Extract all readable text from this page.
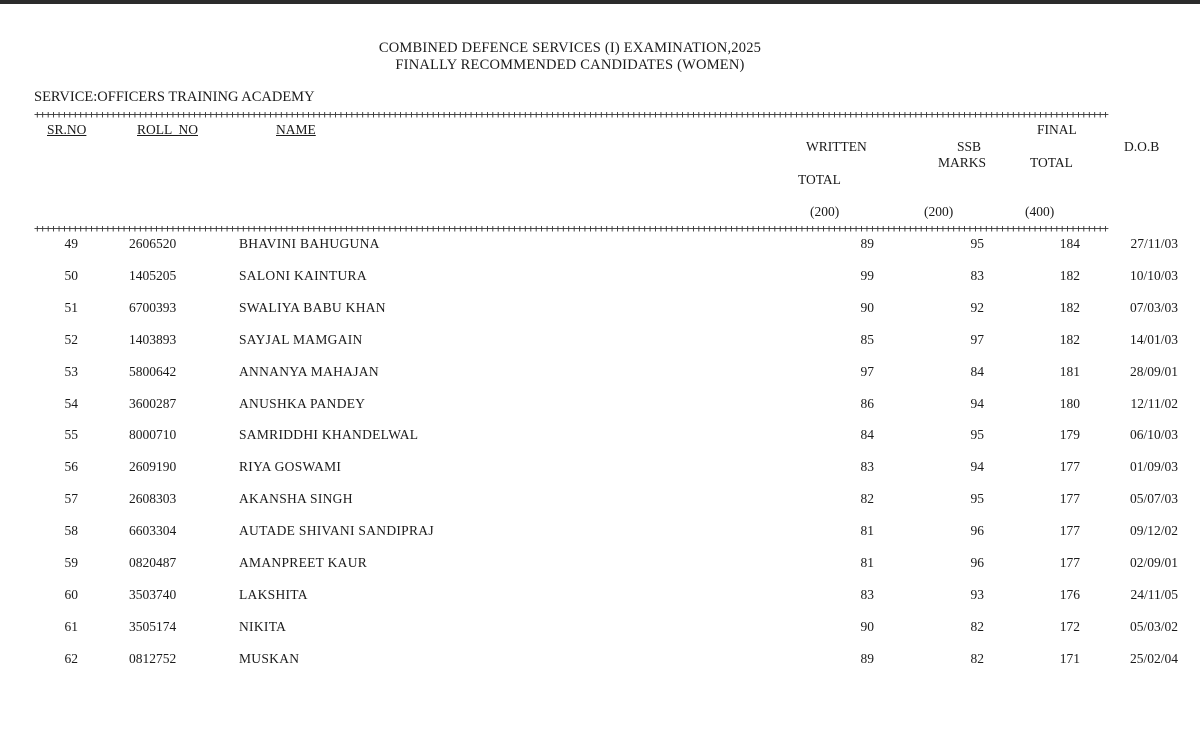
COMBINED DEFENCE SERVICES (I) EXAMINATION,2025
FINALLY RECOMMENDED CANDIDATES (WOMEN)
SERVICE:OFFICERS TRAINING ACADEMY
++++++++++++++++++++++++++++++++++++++++++++++++++++++++++++++++++++++++++++++++++++++++++++++++++++++++++++++++++++++++++++++++++++++++++++++++++++++++++++++++++++++++++++++++++++++++++++++++++++++
SR.NO	ROLL  NO	NAME
WRITTEN
TOTAL
(200)
SSB
MARKS
(200)
FINAL
TOTAL
(400)
D.O.B
++++++++++++++++++++++++++++++++++++++++++++++++++++++++++++++++++++++++++++++++++++++++++++++++++++++++++++++++++++++++++++++++++++++++++++++++++++++++++++++++++++++++++++++++++++++++++++++++++++++
49	2606520	BHAVINI BAHUGUNA	89	95	184	27/11/03
50	1405205	SALONI KAINTURA	99	83	182	10/10/03
51	6700393	SWALIYA BABU KHAN	90	92	182	07/03/03
52	1403893	SAYJAL MAMGAIN	85	97	182	14/01/03
53	5800642	ANNANYA MAHAJAN	97	84	181	28/09/01
54	3600287	ANUSHKA PANDEY	86	94	180	12/11/02
55	8000710	SAMRIDDHI KHANDELWAL	84	95	179	06/10/03
56	2609190	RIYA GOSWAMI	83	94	177	01/09/03
57	2608303	AKANSHA SINGH	82	95	177	05/07/03
58	6603304	AUTADE SHIVANI SANDIPRAJ	81	96	177	09/12/02
59	0820487	AMANPREET KAUR	81	96	177	02/09/01
60	3503740	LAKSHITA	83	93	176	24/11/05
61	3505174	NIKITA	90	82	172	05/03/02
62	0812752	MUSKAN	89	82	171	25/02/04
